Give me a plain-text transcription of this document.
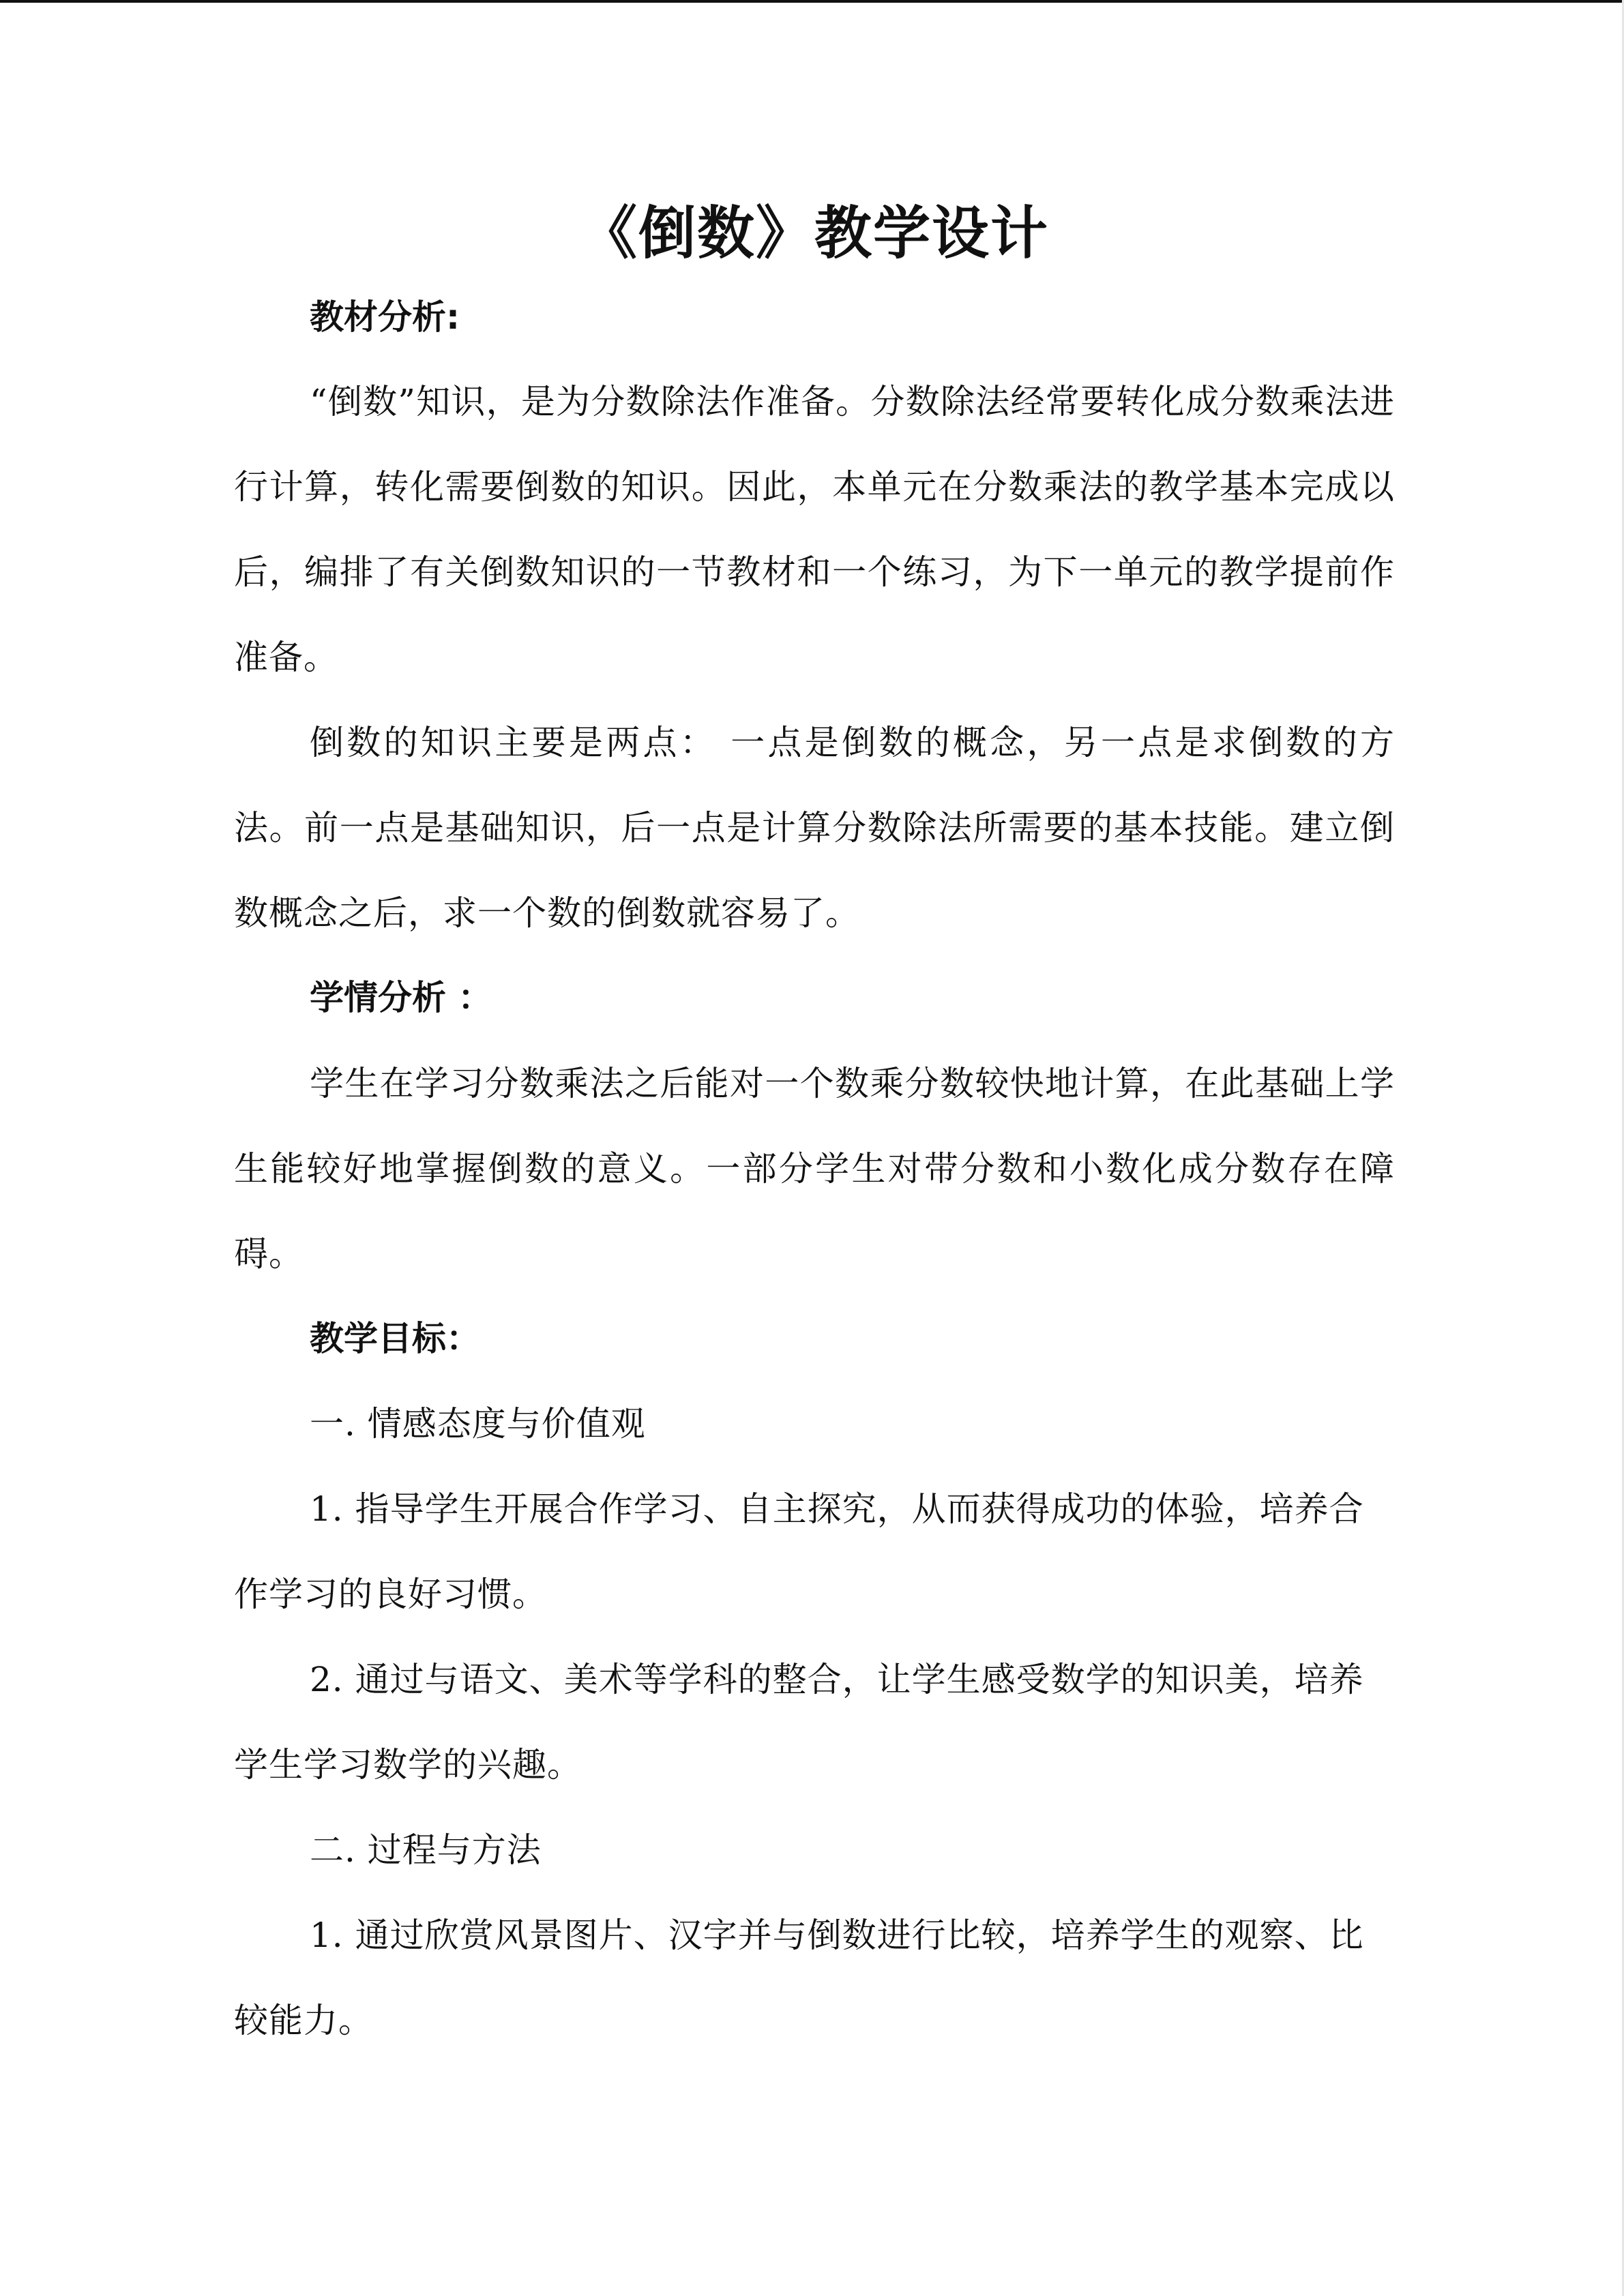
《倒数》教学设计
教材分析:
“倒数”知识，是为分数除法作准备。分数除法经常要转化成分数乘法进行计算，转化需要倒数的知识。因此，本单元在分数乘法的教学基本完成以后，编排了有关倒数知识的一节教材和一个练习，为下一单元的教学提前作准备。
倒数的知识主要是两点： 一点是倒数的概念，另一点是求倒数的方法。前一点是基础知识，后一点是计算分数除法所需要的基本技能。建立倒数概念之后，求一个数的倒数就容易了。
学情分析 ：
学生在学习分数乘法之后能对一个数乘分数较快地计算，在此基础上学生能较好地掌握倒数的意义。一部分学生对带分数和小数化成分数存在障碍。
教学目标：
一. 情感态度与价值观
1. 指导学生开展合作学习、自主探究，从而获得成功的体验，培养合作学习的良好习惯。
2. 通过与语文、美术等学科的整合，让学生感受数学的知识美，培养学生学习数学的兴趣。
二. 过程与方法
1. 通过欣赏风景图片、汉字并与倒数进行比较，培养学生的观察、比较能力。
